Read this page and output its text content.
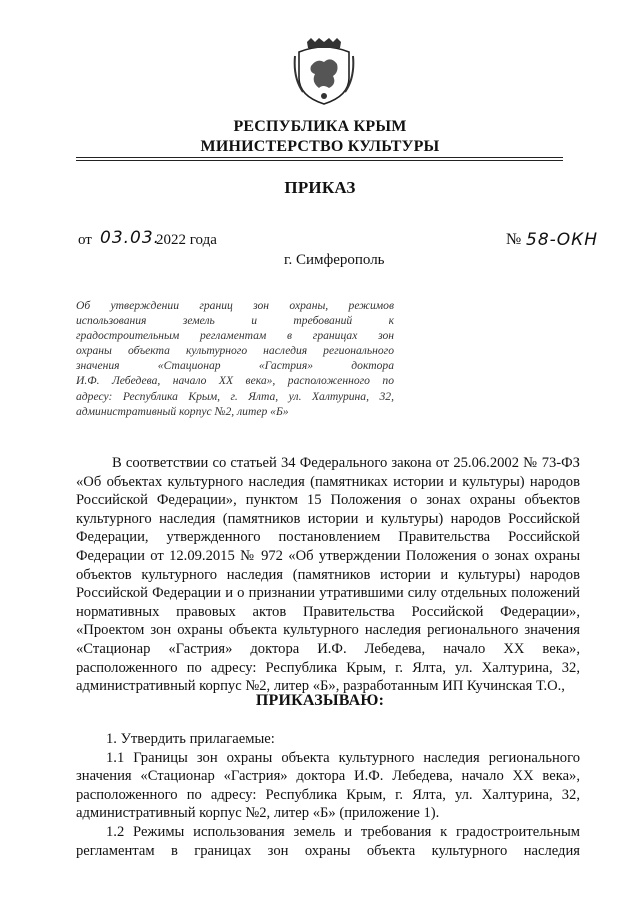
РЕСПУБЛИКА КРЫМ
МИНИСТЕРСТВО КУЛЬТУРЫ
ПРИКАЗ
от 03.03.
2022 года	№ 58-ОКН
г. Симферополь
Об утверждении границ зон охраны, режимов
использования земель и требований к
градостроительным регламентам в границах зон
охраны объекта культурного наследия регионального
значения «Стационар «Гастрия» доктора
И.Ф. Лебедева, начало XX века», расположенного по
адресу: Республика Крым, г. Ялта, ул. Халтурина, 32,
административный корпус №2, литер «Б»
В соответствии со статьей 34 Федерального закона от 25.06.2002 № 73-ФЗ
«Об объектах культурного наследия (памятниках истории и культуры) народов
Российской Федерации», пунктом 15 Положения о зонах охраны объектов
культурного наследия (памятников истории и культуры) народов Российской
Федерации, утвержденного постановлением Правительства Российской
Федерации от 12.09.2015 № 972 «Об утверждении Положения о зонах охраны
объектов культурного наследия (памятников истории и культуры) народов
Российской Федерации и о признании утратившими силу отдельных положений
нормативных правовых актов Правительства Российской Федерации»,
«Проектом зон охраны объекта культурного наследия регионального значения
«Стационар «Гастрия» доктора И.Ф. Лебедева, начало XX века»,
расположенного по адресу: Республика Крым, г. Ялта, ул. Халтурина, 32,
административный корпус №2, литер «Б», разработанным ИП Кучинская Т.О.,
ПРИКАЗЫВАЮ:
1. Утвердить прилагаемые:
1.1 Границы зон охраны объекта культурного наследия регионального
значения «Стационар «Гастрия» доктора И.Ф. Лебедева, начало XX века»,
расположенного по адресу: Республика Крым, г. Ялта, ул. Халтурина, 32,
административный корпус №2, литер «Б» (приложение 1).
1.2 Режимы использования земель и требования к градостроительным
регламентам в границах зон охраны объекта культурного наследия
